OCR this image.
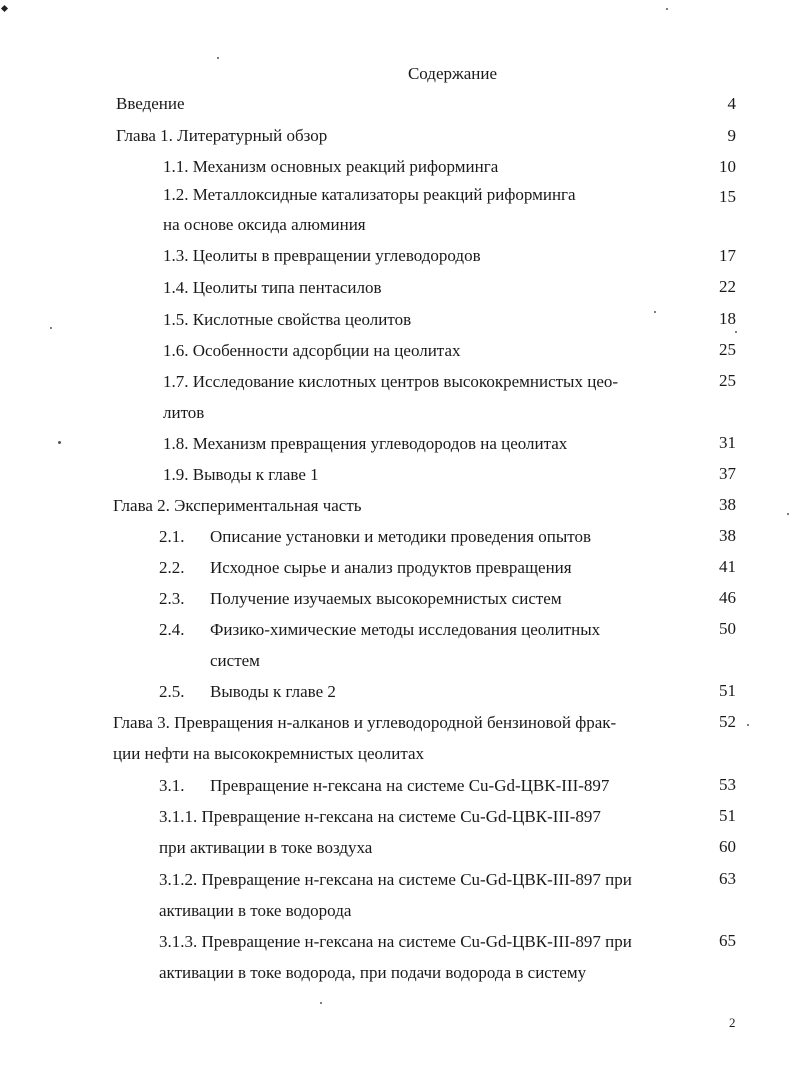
Содержание
Введение	4
Глава 1. Литературный обзор	9
1.1. Механизм основных реакций риформинга	10
1.2. Металлоксидные катализаторы реакций риформинга	15
на основе оксида алюминия
1.3. Цеолиты в превращении углеводородов	17
1.4. Цеолиты типа пентасилов	22
1.5. Кислотные свойства цеолитов	18
1.6. Особенности адсорбции на цеолитах	25
1.7. Исследование кислотных центров высококремнистых цео-	25
литов
1.8. Механизм превращения углеводородов на цеолитах	31
1.9. Выводы к главе 1	37
Глава 2. Экспериментальная часть	38
2.1. Описание установки и методики проведения опытов	38
2.2. Исходное сырье и анализ продуктов превращения	41
2.3. Получение изучаемых высокоремнистых систем	46
2.4. Физико-химические методы исследования цеолитных	50
систем
2.5. Выводы к главе 2	51
Глава 3. Превращения н-алканов и углеводородной бензиновой фрак-	52
ции нефти на высококремнистых цеолитах
3.1. Превращение н-гексана на системе Cu-Gd-ЦВК-III-897	53
3.1.1. Превращение н-гексана на системе Cu-Gd-ЦВК-III-897	51
при активации в токе воздуха	60
3.1.2. Превращение н-гексана на системе Cu-Gd-ЦВК-III-897 при	63
активации в токе водорода
3.1.3. Превращение н-гексана на системе Cu-Gd-ЦВК-III-897 при	65
активации в токе водорода, при подачи водорода в систему
2
